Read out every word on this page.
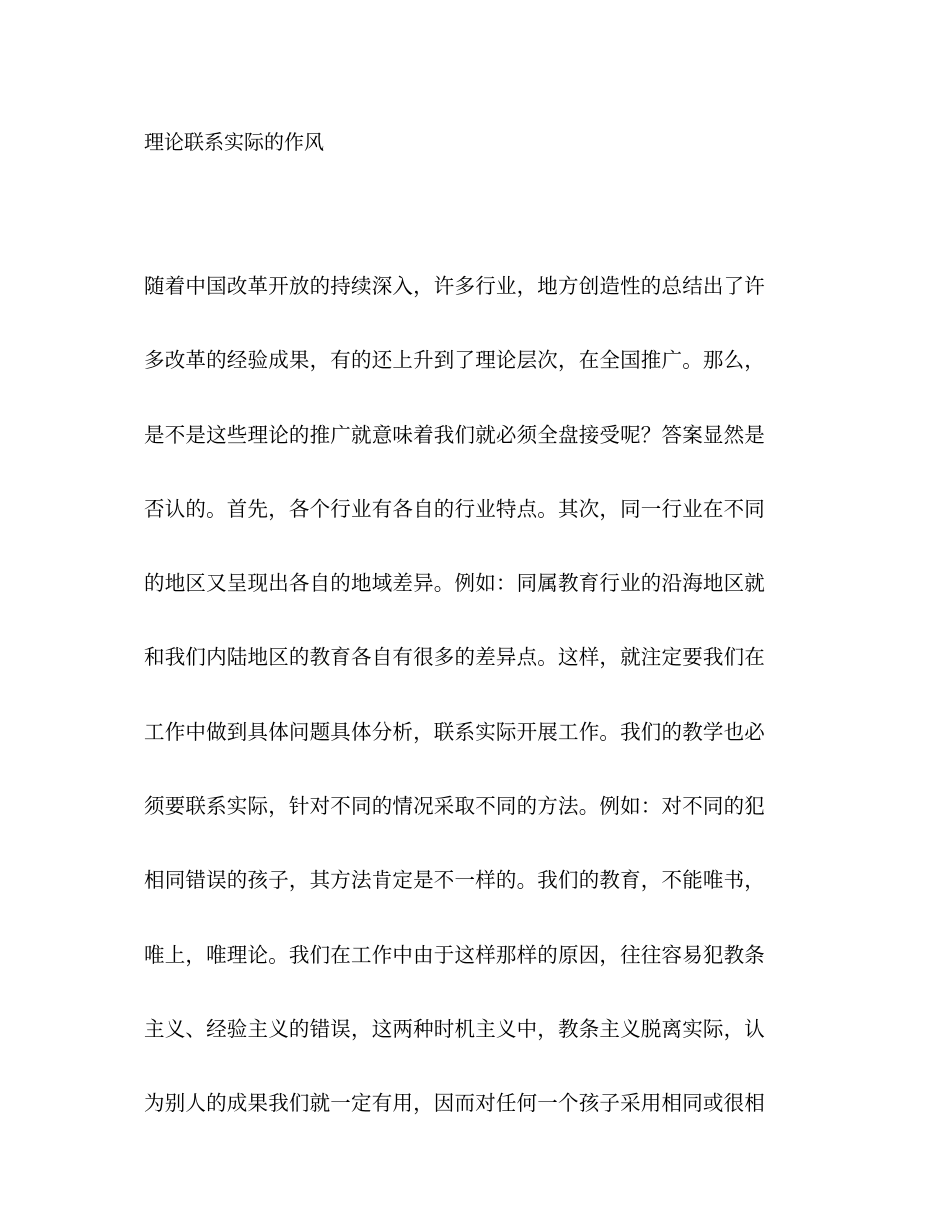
理论联系实际的作风
随着中国改革开放的持续深入，许多行业，地方创造性的总结出了许
多改革的经验成果，有的还上升到了理论层次，在全国推广。那么，
是不是这些理论的推广就意味着我们就必须全盘接受呢？答案显然是
否认的。首先，各个行业有各自的行业特点。其次，同一行业在不同
的地区又呈现出各自的地域差异。例如：同属教育行业的沿海地区就
和我们内陆地区的教育各自有很多的差异点。这样，就注定要我们在
工作中做到具体问题具体分析，联系实际开展工作。我们的教学也必
须要联系实际，针对不同的情况采取不同的方法。例如：对不同的犯
相同错误的孩子，其方法肯定是不一样的。我们的教育，不能唯书，
唯上，唯理论。我们在工作中由于这样那样的原因，往往容易犯教条
主义、经验主义的错误，这两种时机主义中，教条主义脱离实际，认
为别人的成果我们就一定有用，因而对任何一个孩子采用相同或很相
